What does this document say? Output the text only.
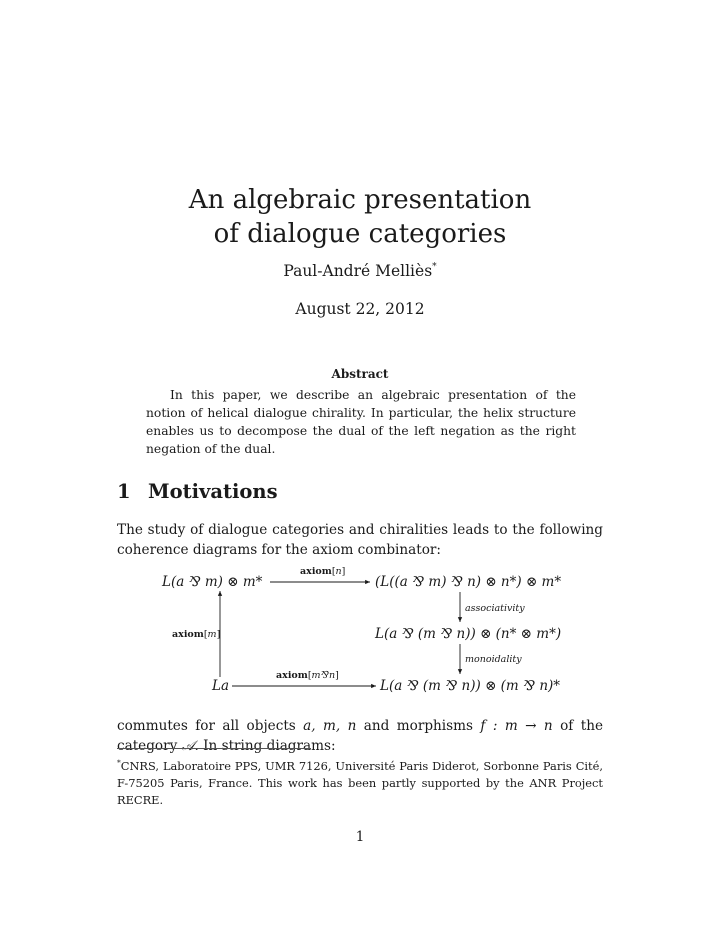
An algebraic presentation
of dialogue categories
Paul-André Melliès*
August 22, 2012
Abstract

In this paper, we describe an algebraic presentation of the notion of helical dialogue chirality. In particular, the helix structure enables us to decompose the dual of the left negation as the right negation of the dual.

1 Motivations

The study of dialogue categories and chiralities leads to the following coherence diagrams for the axiom combinator:

L(a ⅋ m) ⊗ m*	(L((a ⅋ m) ⅋ n) ⊗ n*) ⊗ m*
L(a ⅋ (m ⅋ n)) ⊗ (n* ⊗ m*)
La	L(a ⅋ (m ⅋ n)) ⊗ (m ⅋ n)*
axiom[n]
axiom[m]
associativity
monoidality
axiom[m⅋n]

commutes for all objects a, m, n and morphisms f : m → n of the category 𝒜. In string diagrams:

*CNRS, Laboratoire PPS, UMR 7126, Université Paris Diderot, Sorbonne Paris Cité, F-75205 Paris, France. This work has been partly supported by the ANR Project RECRE.

1
